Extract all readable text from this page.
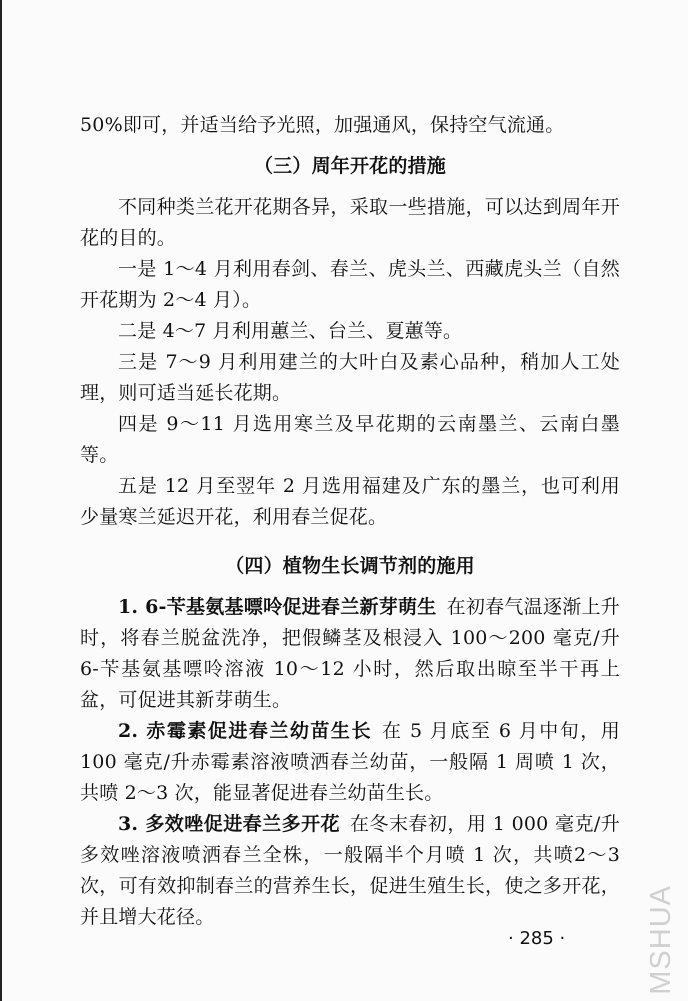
50%即可，并适当给予光照，加强通风，保持空气流通。

（三）周年开花的措施

不同种类兰花开花期各异，采取一些措施，可以达到周年开花的目的。

一是 1～4 月利用春剑、春兰、虎头兰、西藏虎头兰（自然开花期为 2～4 月）。

二是 4～7 月利用蕙兰、台兰、夏蕙等。

三是 7～9 月利用建兰的大叶白及素心品种，稍加人工处理，则可适当延长花期。

四是 9～11 月选用寒兰及早花期的云南墨兰、云南白墨等。

五是 12 月至翌年 2 月选用福建及广东的墨兰，也可利用少量寒兰延迟开花，利用春兰促花。

（四）植物生长调节剂的施用

1. 6-苄基氨基嘌呤促进春兰新芽萌生 在初春气温逐渐上升时，将春兰脱盆洗净，把假鳞茎及根浸入 100～200 毫克/升 6-苄基氨基嘌呤溶液 10～12 小时，然后取出晾至半干再上盆，可促进其新芽萌生。

2. 赤霉素促进春兰幼苗生长 在 5 月底至 6 月中旬，用 100 毫克/升赤霉素溶液喷洒春兰幼苗，一般隔 1 周喷 1 次，共喷 2～3 次，能显著促进春兰幼苗生长。

3. 多效唑促进春兰多开花 在冬末春初，用 1 000 毫克/升多效唑溶液喷洒春兰全株，一般隔半个月喷 1 次，共喷2～3次，可有效抑制春兰的营养生长，促进生殖生长，使之多开花，并且增大花径。

· 285 ·	MSHUA
